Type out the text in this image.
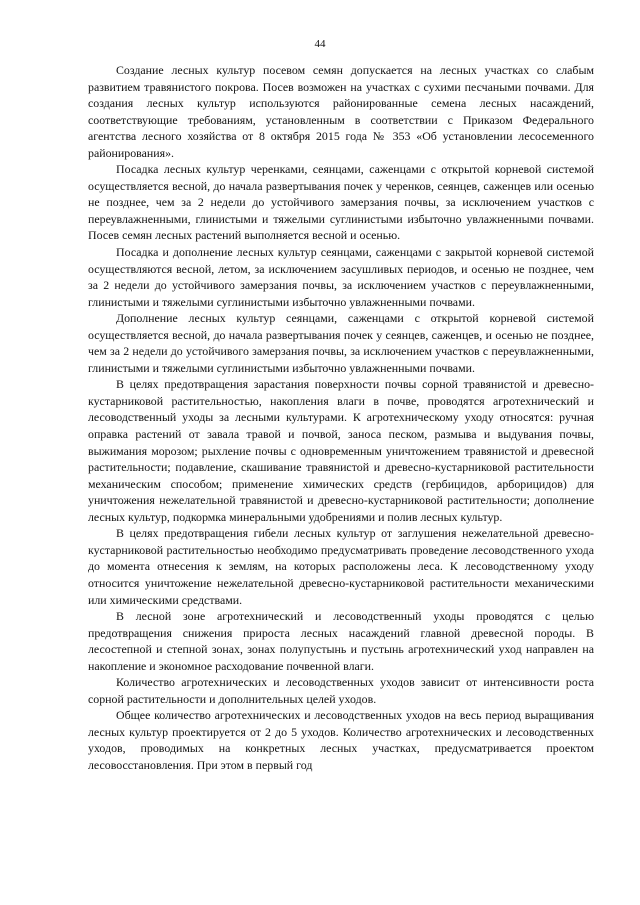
44

Создание лесных культур посевом семян допускается на лесных участках со слабым развитием травянистого покрова. Посев возможен на участках с сухими песчаными почвами. Для создания лесных культур используются районированные семена лесных насаждений, соответствующие требованиям, установленным в соответствии с Приказом Федерального агентства лесного хозяйства от 8 октября 2015 года № 353 «Об установлении лесосеменного районирования».

Посадка лесных культур черенками, сеянцами, саженцами с открытой корневой системой осуществляется весной, до начала развертывания почек у черенков, сеянцев, саженцев или осенью не позднее, чем за 2 недели до устойчивого замерзания почвы, за исключением участков с переувлажненными, глинистыми и тяжелыми суглинистыми избыточно увлажненными почвами. Посев семян лесных растений выполняется весной и осенью.

Посадка и дополнение лесных культур сеянцами, саженцами с закрытой корневой системой осуществляются весной, летом, за исключением засушливых периодов, и осенью не позднее, чем за 2 недели до устойчивого замерзания почвы, за исключением участков с переувлажненными, глинистыми и тяжелыми суглинистыми избыточно увлажненными почвами.

Дополнение лесных культур сеянцами, саженцами с открытой корневой системой осуществляется весной, до начала развертывания почек у сеянцев, саженцев, и осенью не позднее, чем за 2 недели до устойчивого замерзания почвы, за исключением участков с переувлажненными, глинистыми и тяжелыми суглинистыми избыточно увлажненными почвами.

В целях предотвращения зарастания поверхности почвы сорной травянистой и древесно-кустарниковой растительностью, накопления влаги в почве, проводятся агротехнический и лесоводственный уходы за лесными культурами. К агротехническому уходу относятся: ручная оправка растений от завала травой и почвой, заноса песком, размыва и выдувания почвы, выжимания морозом; рыхление почвы с одновременным уничтожением травянистой и древесной растительности; подавление, скашивание травянистой и древесно-кустарниковой растительности механическим способом; применение химических средств (гербицидов, арборицидов) для уничтожения нежелательной травянистой и древесно-кустарниковой растительности; дополнение лесных культур, подкормка минеральными удобрениями и полив лесных культур.

В целях предотвращения гибели лесных культур от заглушения нежелательной древесно-кустарниковой растительностью необходимо предусматривать проведение лесоводственного ухода до момента отнесения к землям, на которых расположены леса. К лесоводственному уходу относится уничтожение нежелательной древесно-кустарниковой растительности механическими или химическими средствами.

В лесной зоне агротехнический и лесоводственный уходы проводятся с целью предотвращения снижения прироста лесных насаждений главной древесной породы. В лесостепной и степной зонах, зонах полупустынь и пустынь агротехнический уход направлен на накопление и экономное расходование почвенной влаги.

Количество агротехнических и лесоводственных уходов зависит от интенсивности роста сорной растительности и дополнительных целей уходов.

Общее количество агротехнических и лесоводственных уходов на весь период выращивания лесных культур проектируется от 2 до 5 уходов. Количество агротехнических и лесоводственных уходов, проводимых на конкретных лесных участках, предусматривается проектом лесовосстановления. При этом в первый год
